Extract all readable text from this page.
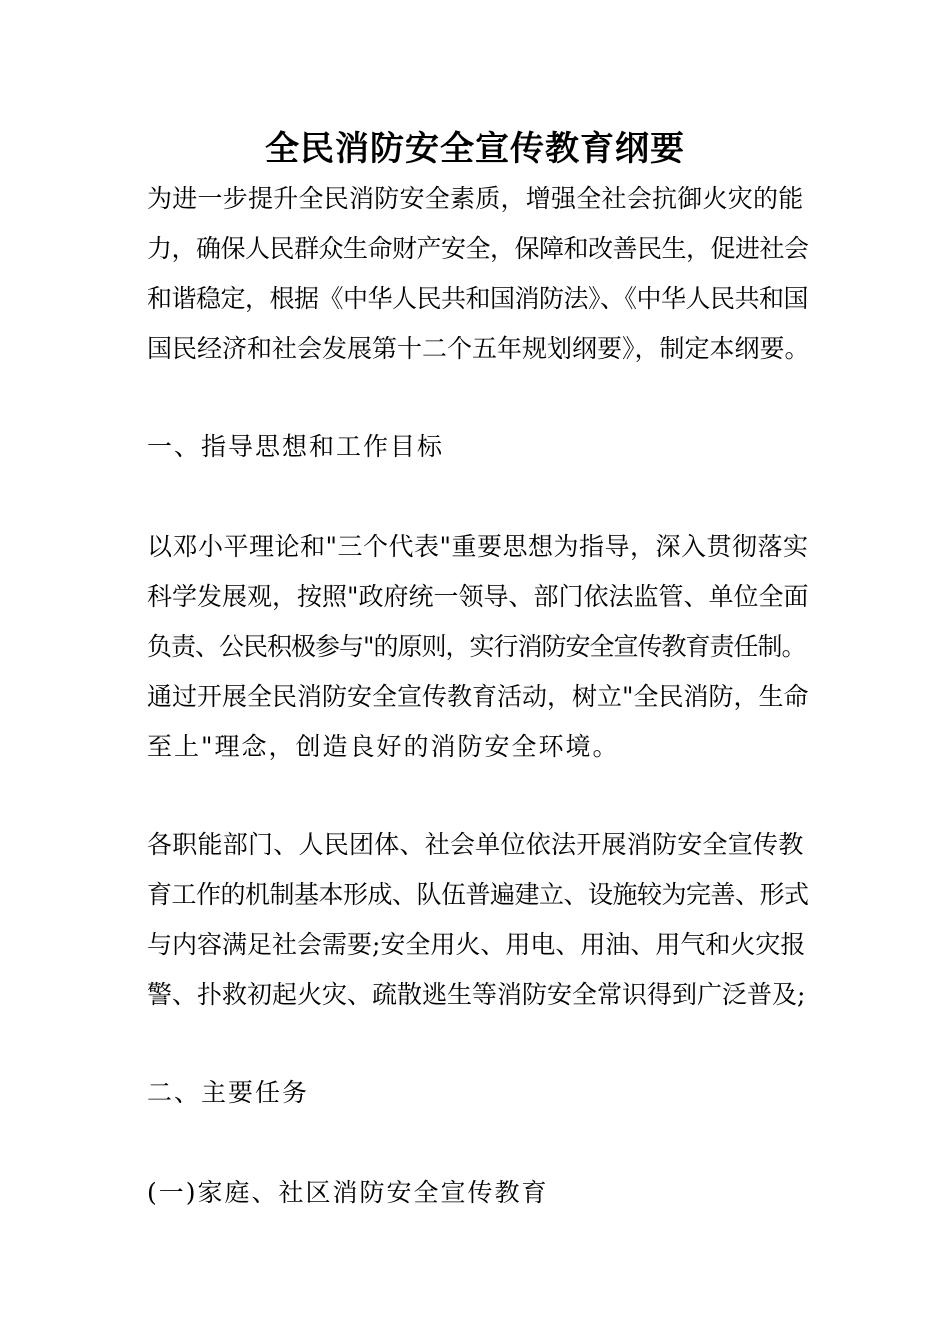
全民消防安全宣传教育纲要
为进一步提升全民消防安全素质，增强全社会抗御火灾的能
力，确保人民群众生命财产安全，保障和改善民生，促进社会
和谐稳定，根据《中华人民共和国消防法》、《中华人民共和国
国民经济和社会发展第十二个五年规划纲要》，制定本纲要。
一、指导思想和工作目标
以邓小平理论和"三个代表"重要思想为指导，深入贯彻落实
科学发展观，按照"政府统一领导、部门依法监管、单位全面
负责、公民积极参与"的原则，实行消防安全宣传教育责任制。
通过开展全民消防安全宣传教育活动，树立"全民消防，生命
至上"理念，创造良好的消防安全环境。
各职能部门、人民团体、社会单位依法开展消防安全宣传教
育工作的机制基本形成、队伍普遍建立、设施较为完善、形式
与内容满足社会需要;安全用火、用电、用油、用气和火灾报
警、扑救初起火灾、疏散逃生等消防安全常识得到广泛普及;
二、主要任务
(一)家庭、社区消防安全宣传教育
